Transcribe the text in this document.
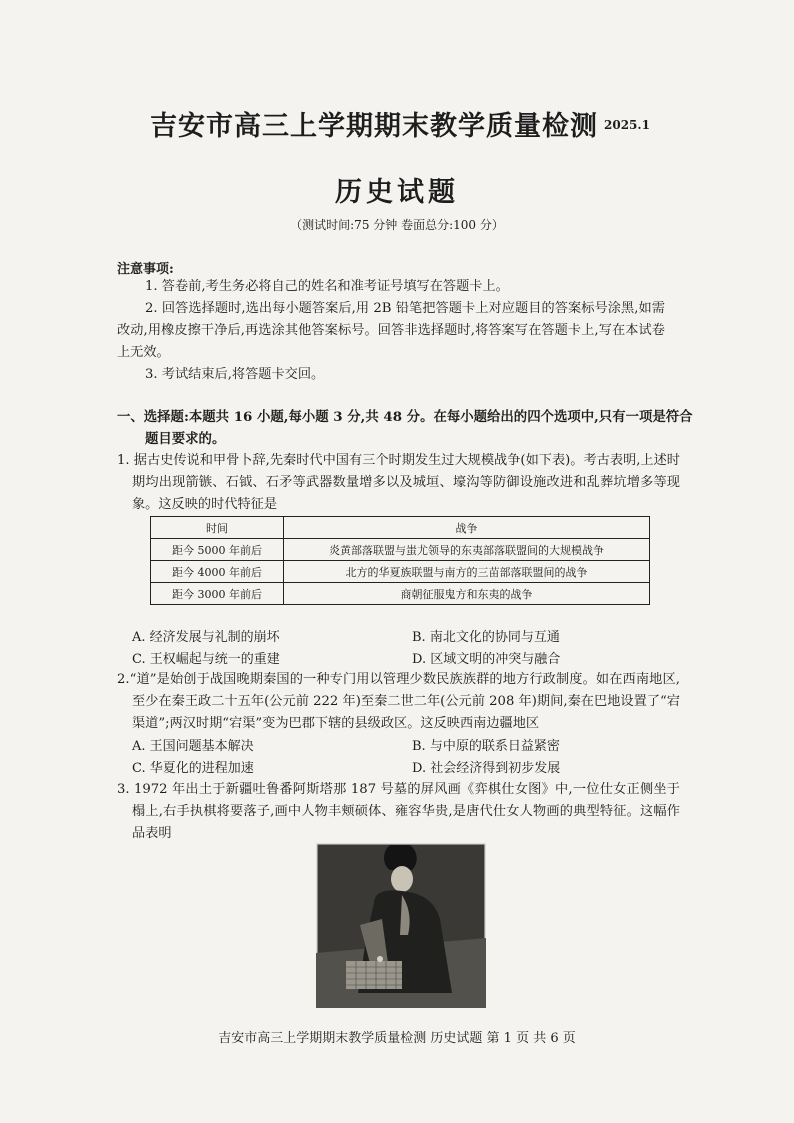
吉安市高三上学期期末教学质量检测 2025.1
历史试题
（测试时间:75 分钟 卷面总分:100 分）
注意事项:
1. 答卷前,考生务必将自己的姓名和准考证号填写在答题卡上。
2. 回答选择题时,选出每小题答案后,用 2B 铅笔把答题卡上对应题目的答案标号涂黑,如需改动,用橡皮擦干净后,再选涂其他答案标号。回答非选择题时,将答案写在答题卡上,写在本试卷上无效。
3. 考试结束后,将答题卡交回。
一、选择题:本题共 16 小题,每小题 3 分,共 48 分。在每小题给出的四个选项中,只有一项是符合题目要求的。
1. 据古史传说和甲骨卜辞,先秦时代中国有三个时期发生过大规模战争(如下表)。考古表明,上述时期均出现箭镞、石钺、石矛等武器数量增多以及城垣、壕沟等防御设施改进和乱葬坑增多等现象。这反映的时代特征是
时间	战争
距今 5000 年前后	炎黄部落联盟与蚩尤领导的东夷部落联盟间的大规模战争
距今 4000 年前后	北方的华夏族联盟与南方的三苗部落联盟间的战争
距今 3000 年前后	商朝征服鬼方和东夷的战争
A. 经济发展与礼制的崩坏	B. 南北文化的协同与互通
C. 王权崛起与统一的重建	D. 区域文明的冲突与融合
2.“道”是始创于战国晚期秦国的一种专门用以管理少数民族族群的地方行政制度。如在西南地区,至少在秦王政二十五年(公元前 222 年)至秦二世二年(公元前 208 年)期间,秦在巴地设置了“宕渠道”;两汉时期“宕渠”变为巴郡下辖的县级政区。这反映西南边疆地区
A. 王国问题基本解决	B. 与中原的联系日益紧密
C. 华夏化的进程加速	D. 社会经济得到初步发展
3. 1972 年出土于新疆吐鲁番阿斯塔那 187 号墓的屏风画《弈棋仕女图》中,一位仕女正侧坐于榻上,右手执棋将要落子,画中人物丰颊硕体、雍容华贵,是唐代仕女人物画的典型特征。这幅作品表明
吉安市高三上学期期末教学质量检测 历史试题 第 1 页 共 6 页
